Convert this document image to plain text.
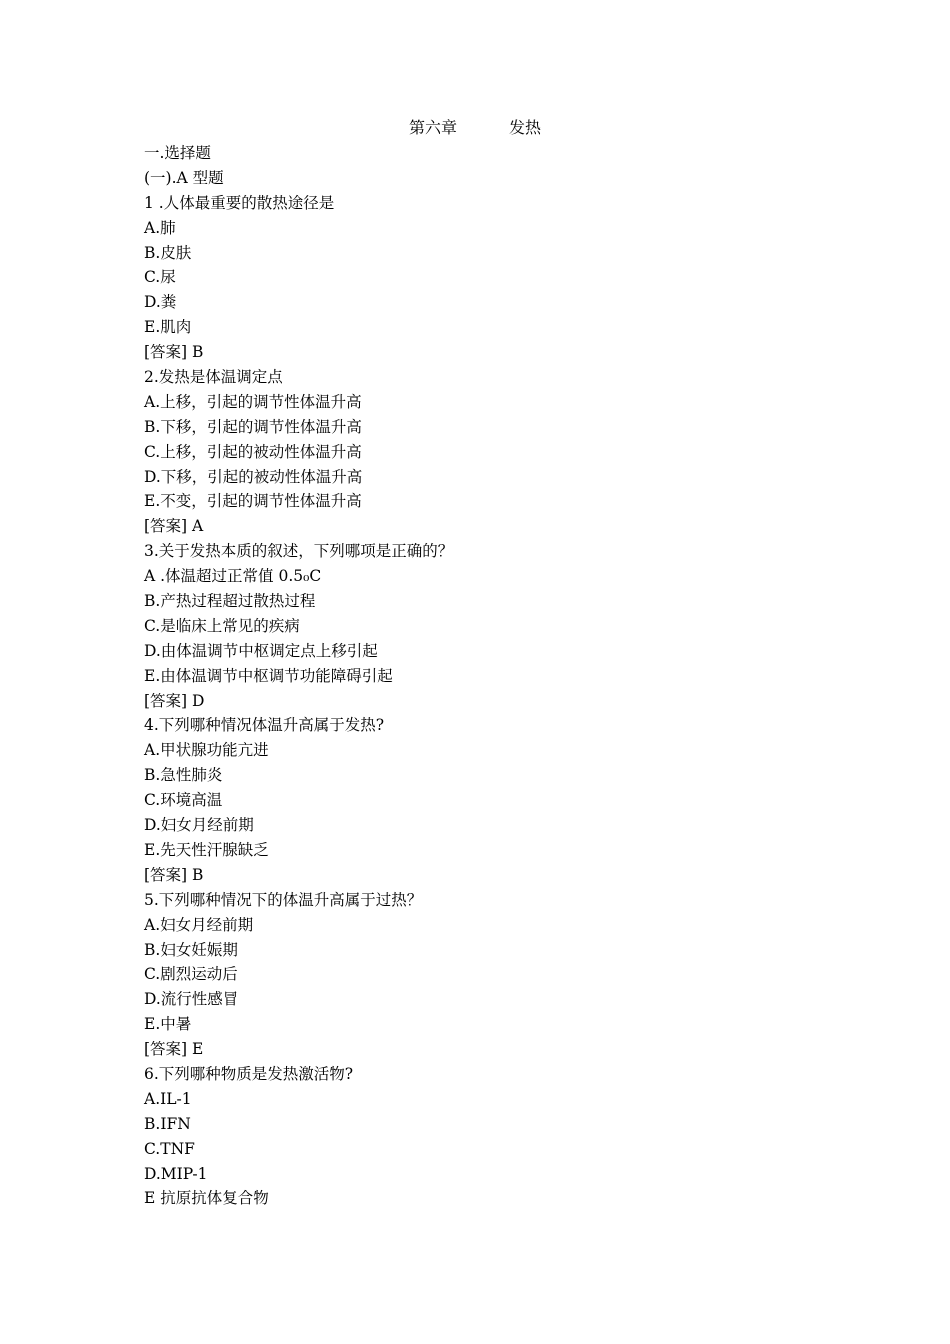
第六章	发热
一.选择题
(一).A 型题
1 .人体最重要的散热途径是
A.肺
B.皮肤
C.尿
D.粪
E.肌肉
[答案] B
2.发热是体温调定点
A.上移，引起的调节性体温升高
B.下移，引起的调节性体温升高
C.上移，引起的被动性体温升高
D.下移，引起的被动性体温升高
E.不变，引起的调节性体温升高
[答案] A
3.关于发热本质的叙述，下列哪项是正确的？
A .体温超过正常值 0.5₀C
B.产热过程超过散热过程
C.是临床上常见的疾病
D.由体温调节中枢调定点上移引起
E.由体温调节中枢调节功能障碍引起
[答案] D
4.下列哪种情况体温升高属于发热?
A.甲状腺功能亢进
B.急性肺炎
C.环境高温
D.妇女月经前期
E.先天性汗腺缺乏
[答案] B
5.下列哪种情况下的体温升高属于过热？
A.妇女月经前期
B.妇女妊娠期
C.剧烈运动后
D.流行性感冒
E.中暑
[答案] E
6.下列哪种物质是发热激活物?
A.IL-1
B.IFN
C.TNF
D.MIP-1
E 抗原抗体复合物
